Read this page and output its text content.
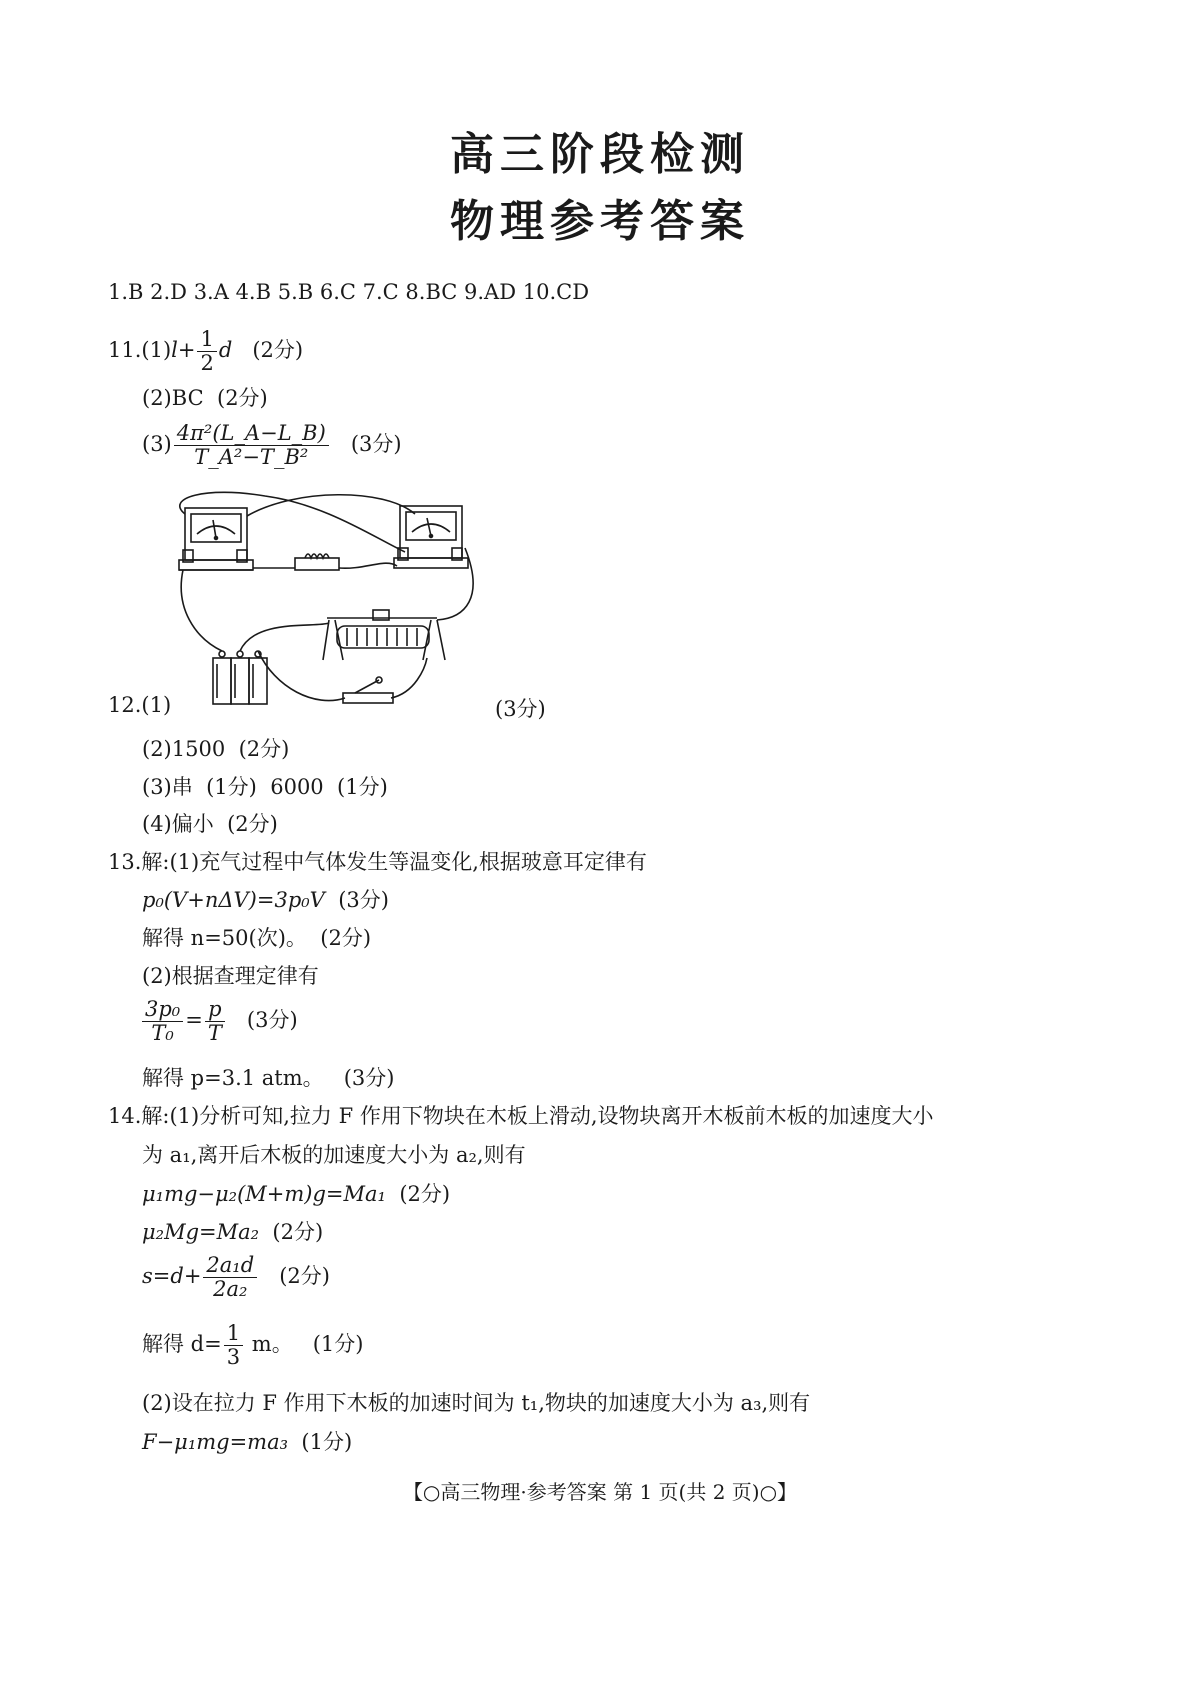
高三阶段检测
物理参考答案
1.B 2.D 3.A 4.B 5.B 6.C 7.C 8.BC 9.AD 10.CD
$11.(1)l+ \frac{1}{2}$ d (2分)
(2)BC (2分)
$(3) \frac{\text{4π²(L\_A−L\_B)}}{\text{T\_A²−T\_B²}} (3$分)
12.(1)	(3分)
(2)1500 (2分)
(3)串 (1分) 6000 (1分)
(4)偏小 (2分)
13.解:(1)充气过程中气体发生等温变化,根据玻意耳定律有
p₀(V+nΔV)=3p₀V (3分)
解得 n=50(次)。 (2分)
(2)根据查理定律有
$\frac{\text{3p₀}}{\text{T₀}} = \frac{p}{T} (3$分)
解得 p=3.1 atm。 (3分)
14.解:(1)分析可知,拉力 F 作用下物块在木板上滑动,设物块离开木板前木板的加速度大小
为 a₁,离开后木板的加速度大小为 a₂,则有
μ₁mg−μ₂(M+m)g=Ma₁ (2分)
μ₂Mg=Ma₂ (2分)
$s=d+ \frac{\text{2a₁d}}{\text{2a₂}} (2$分)
解得 $d= \frac{1}{3}$ m。 (1分)
(2)设在拉力 F 作用下木板的加速时间为 t₁,物块的加速度大小为 a₃,则有
F−μ₁mg=ma₃ (1分)
【○高三物理·参考答案 第 1 页(共 2 页)○】
